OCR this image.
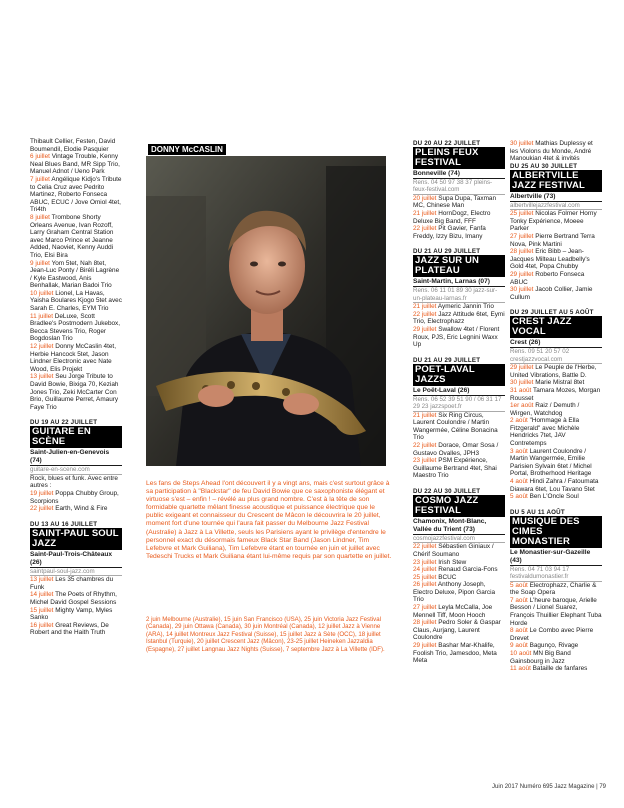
Thibault Cellier, Festen, David Boumendil, Elodie Pasquier

6 juillet Vintage Trouble, Kenny Neal Blues Band, MR Sipp Trio, Manuel Adnot / Ueno Park

7 juillet Angélique Kidjo's Tribute to Celia Cruz avec Pedrito Martinez, Roberto Fonseca ABUC, ECUC / Jove Omiol 4tet, Tri4th

8 juillet Trombone Shorty Orleans Avenue, Ivan Rozoff, Larry Graham Central Station avec Marco Prince et Jeanne Added, Naoviet, Kenny Auddi Trio, Elsi Bira

9 juillet Yom 5tet, Nah 8tet, Jean-Luc Ponty / Biréli Lagrène / Kyle Eastwood, Anis Benhallak, Marian Badoi Trio

10 juillet Lionel, La Havas, Yaisha Boulares Kjogo 5tet avec Sarah E. Charles, EYM Trio

11 juillet DeLuxe, Scott Bradlee's Postmodern Jukebox, Becca Stevens Trio, Roger Bogdoslan Trio

12 juillet Donny McCaslin 4tet, Herbie Hancock 5tet, Jason Lindner Electronic avec Nate Wood, Elis Projekt

13 juillet Seu Jorge Tribute to David Bowie, Bixiga 70, Keziah Jones Trio, Zeki McCarter Con Brio, Guillaume Perret, Amaury Faye Trio

DU 19 AU 22 JUILLET
GUITARE EN SCÈNE
Saint-Julien-en-Genevois (74)
guitare-en-scene.com

Rock, blues et funk. Avec entre autres :

19 juillet Poppa Chubby Group, Scorpions

22 juillet Earth, Wind & Fire

DU 13 AU 16 JUILLET
SAINT-PAUL SOUL JAZZ
Saint-Paul-Trois-Châteaux (26)
saintpaul-soul-jazz.com

13 juillet Les 35 chambres du Funk

14 juillet The Poets of Rhythm, Michel David Gospel Sessions

15 juillet Mighty Vamp, Myles Sanko

16 juillet Great Reviews, De Robert and the Haith Truth

DONNY McCASLIN
Les fans de Steps Ahead l'ont découvert il y a vingt ans, mais c'est surtout grâce à sa participation à "Blackstar" de feu David Bowie que ce saxophoniste élégant et virtuose s'est – enfin ! – révélé au plus grand nombre. C'est à la tête de son formidable quartette mêlant finesse acoustique et puissance électrique que le public exigeant et connaisseur du Crescent de Mâcon le découvrira le 20 juillet, moment fort d'une tournée qui l'aura fait passer du Melbourne Jazz Festival (Australie) à Jazz à La Villette, seuls les Parisiens ayant le privilège d'entendre le personnel exact du désormais fameux Black Star Band (Jason Lindner, Tim Lefebvre et Mark Guiliana), Tim Lefebvre étant en tournée en juin et juillet avec Tedeschi Trucks et Mark Guiliana étant lui-même requis par son quartette en juillet.
2 juin Melbourne (Australie), 15 juin San Francisco (USA), 25 juin Victoria Jazz Festival (Canada), 29 juin Ottawa (Canada), 30 juin Montréal (Canada), 12 juillet Jazz à Vienne (ARA), 14 juillet Montreux Jazz Festival (Suisse), 15 juillet Jazz à Sète (OCC), 18 juillet Istanbul (Turquie), 20 juillet Crescent Jazz (Mâcon), 23-25 juillet Heineken Jazzaldia (Espagne), 27 juillet Langnau Jazz Nights (Suisse), 7 septembre Jazz à La Villette (IDF).
DU 20 AU 22 JUILLET
PLEINS FEUX FESTIVAL
Bonneville (74)
Rens. 04 50 97 38 37 pleins-feux-festival.com

20 juillet Supa Dupa, Taxman MC, Chinese Man

21 juillet HornDogz, Electro Deluxe Big Band, FFF

22 juillet Pit Gavier, Fanfa Freddy, Izzy Bizu, Imany

DU 21 AU 29 JUILLET
JAZZ SUR UN PLATEAU
Saint-Martin, Larnas (07)
Rens. 06 11 01 89 30 jazz-sur-un-plateau-larnas.fr

21 juillet Aymeric Jannin Trio

22 juillet Jazz Attitude 6tet, Eymi Trio, Electrophazz

29 juillet Swallow 4tet / Florent Roux, PJS, Eric Legnini Waxx Up

DU 21 AU 29 JUILLET
POET-LAVAL JAZZS
Le Poët-Laval (26)
Rens. 06 52 39 51 90 / 06 31 17 29 23 jazzspoet.fr

21 juillet Six Ring Circus, Laurent Coulondre / Martin Wangermée, Céline Bonacina Trio

22 juillet Dorace, Omar Sosa / Gustavo Ovalles, JPH3

23 juillet PSM Expérience, Guillaume Bertrand 4tet, Shai Maestro Trio

DU 22 AU 30 JUILLET
COSMO JAZZ FESTIVAL
Chamonix, Mont-Blanc, Vallée du Trient (73)
cosmojazzfestival.com

22 juillet Sébastien Giniaux / Chérif Soumano

23 juillet Irish Stew

24 juillet Renaud Garcia-Fons

25 juillet BCUC

26 juillet Anthony Joseph, Electro Deluxe, Pipon Garcia Trio

27 juillet Leyla McCalla, Joe Mennell Tiff, Moon Hooch

28 juillet Pedro Soler & Gaspar Claus, Aurjang, Laurent Coulondre

29 juillet Bashar Mar-Khalife, Foolish Trio, Jamesdoo, Meta Meta

30 juillet Mathias Duplessy et les Violons du Monde, André Manoukian 4tet & invités

DU 25 AU 30 JUILLET
ALBERTVILLE JAZZ FESTIVAL
Albertville (73)
albertvillejazzfestival.com

25 juillet Nicolas Folmer Horny Tonky Expérience, Moeee Parker

27 juillet Pierre Bertrand Terra Nova, Pink Martini

28 juillet Eric Bibb – Jean-Jacques Milteau Leadbelly's Gold 4tet, Popa Chubby

29 juillet Roberto Fonseca ABUC

30 juillet Jacob Collier, Jamie Cullum

DU 29 JUILLET AU 5 AOÛT
CREST JAZZ VOCAL
Crest (26)
Rens. 09 51 20 57 02 crestjazzvocal.com

29 juillet Le Peuple de l'Herbe, United Vibrations, Battle D.

30 juillet Marie Mistral 8tet

31 août Tamara Mozes, Morgan Rousset

1er août Raiz / Demuth / Wirgen, Watchdog

2 août "Hommage à Ella Fitzgerald" avec Michèle Hendricks 7tet, JAV Contretemps

3 août Laurent Coulondre / Martin Wangermée, Emilie Parisien Sylvain 6tet / Michel Portal, Brotherhood Heritage

4 août Hindi Zahra / Fatoumata Diawara 6tet, Lou Tavano 5tet

5 août Ben L'Oncle Soul

DU 5 AU 11 AOÛT
MUSIQUE DES CIMES MONASTIER
Le Monastier-sur-Gazeille (43)
Rens. 04 71 03 94 17 festivaldumonastier.fr

5 août Electrophazz, Charlie & the Soap Opera

7 août L'heure baroque, Arielle Besson / Lionel Suarez, François Thuillier Elephant Tuba Horde

8 août Le Combo avec Pierre Drevet

9 août Bagunço, Rivage

10 août MN Big Band Gainsbourg in Jazz

11 août Bataille de fanfares

Juin 2017 Numéro 695 Jazz Magazine | 79
